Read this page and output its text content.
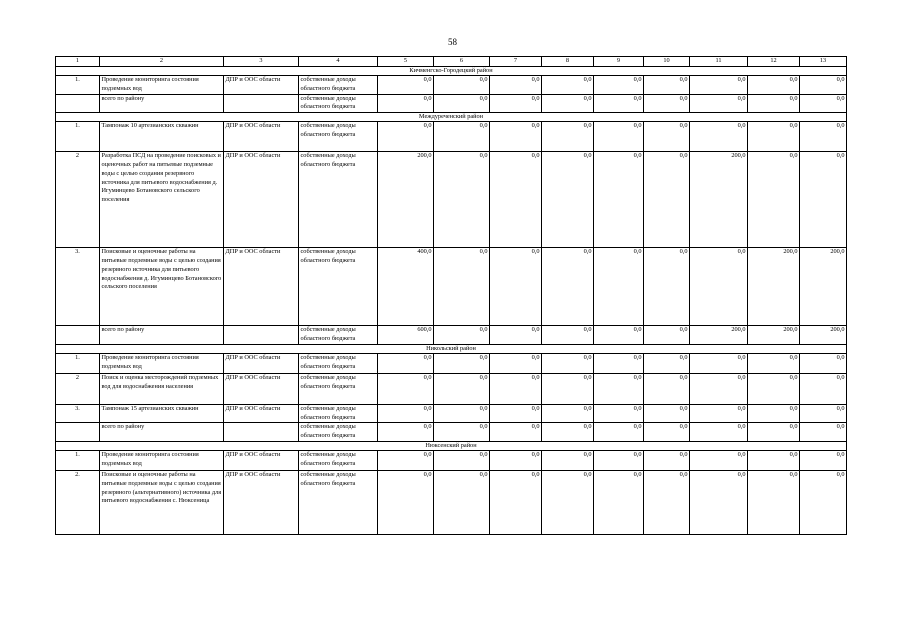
58
1	2	3	4	5	6	7	8	9	10	11	12	13
Кичменгско-Городецкий район												
1.	Проведение мониторинга состояния подземных вод	ДПР и ООС области	собственные доходы областного бюджета	0,0	0,0	0,0	0,0	0,0	0,0	0,0	0,0	0,0
	всего по району		собственные доходы областного бюджета	0,0	0,0	0,0	0,0	0,0	0,0	0,0	0,0	0,0
Междуреченский район												
1.	Тампонаж 10 артезианских скважин	ДПР и ООС области	собственные доходы областного бюджета	0,0	0,0	0,0	0,0	0,0	0,0	0,0	0,0	0,0
2	Разработка ПСД на проведение поисковых и оценочных работ на питьевые подземные воды с целью создания резервного источника для питьевого водоснабжения д. Игуминцево Ботановского сельского поселения	ДПР и ООС области	собственные доходы областного бюджета	200,0	0,0	0,0	0,0	0,0	0,0	200,0	0,0	0,0
3.	Поисковые и оценочные работы на питьевые подземные воды с целью создания резервного источника для питьевого водоснабжения д. Игуминцево Ботановского сельского поселения	ДПР и ООС области	собственные доходы областного бюджета	400,0	0,0	0,0	0,0	0,0	0,0	0,0	200,0	200,0
	всего по району		собственные доходы областного бюджета	600,0	0,0	0,0	0,0	0,0	0,0	200,0	200,0	200,0
Никольский район												
1.	Проведение мониторинга состояния подземных вод	ДПР и ООС области	собственные доходы областного бюджета	0,0	0,0	0,0	0,0	0,0	0,0	0,0	0,0	0,0
2	Поиск и оценка месторождений подземных вод для водоснабжения населения	ДПР и ООС области	собственные доходы областного бюджета	0,0	0,0	0,0	0,0	0,0	0,0	0,0	0,0	0,0
3.	Тампонаж 15 артезианских скважин	ДПР и ООС области	собственные доходы областного бюджета	0,0	0,0	0,0	0,0	0,0	0,0	0,0	0,0	0,0
	всего по району		собственные доходы областного бюджета	0,0	0,0	0,0	0,0	0,0	0,0	0,0	0,0	0,0
Нюксенский район												
1.	Проведение мониторинга состояния подземных вод	ДПР и ООС области	собственные доходы областного бюджета	0,0	0,0	0,0	0,0	0,0	0,0	0,0	0,0	0,0
2.	Поисковые и оценочные работы на питьевые подземные воды с целью создания резервного (альтернативного) источника для питьевого водоснабжения с. Нюксеница	ДПР и ООС области	собственные доходы областного бюджета	0,0	0,0	0,0	0,0	0,0	0,0	0,0	0,0	0,0
